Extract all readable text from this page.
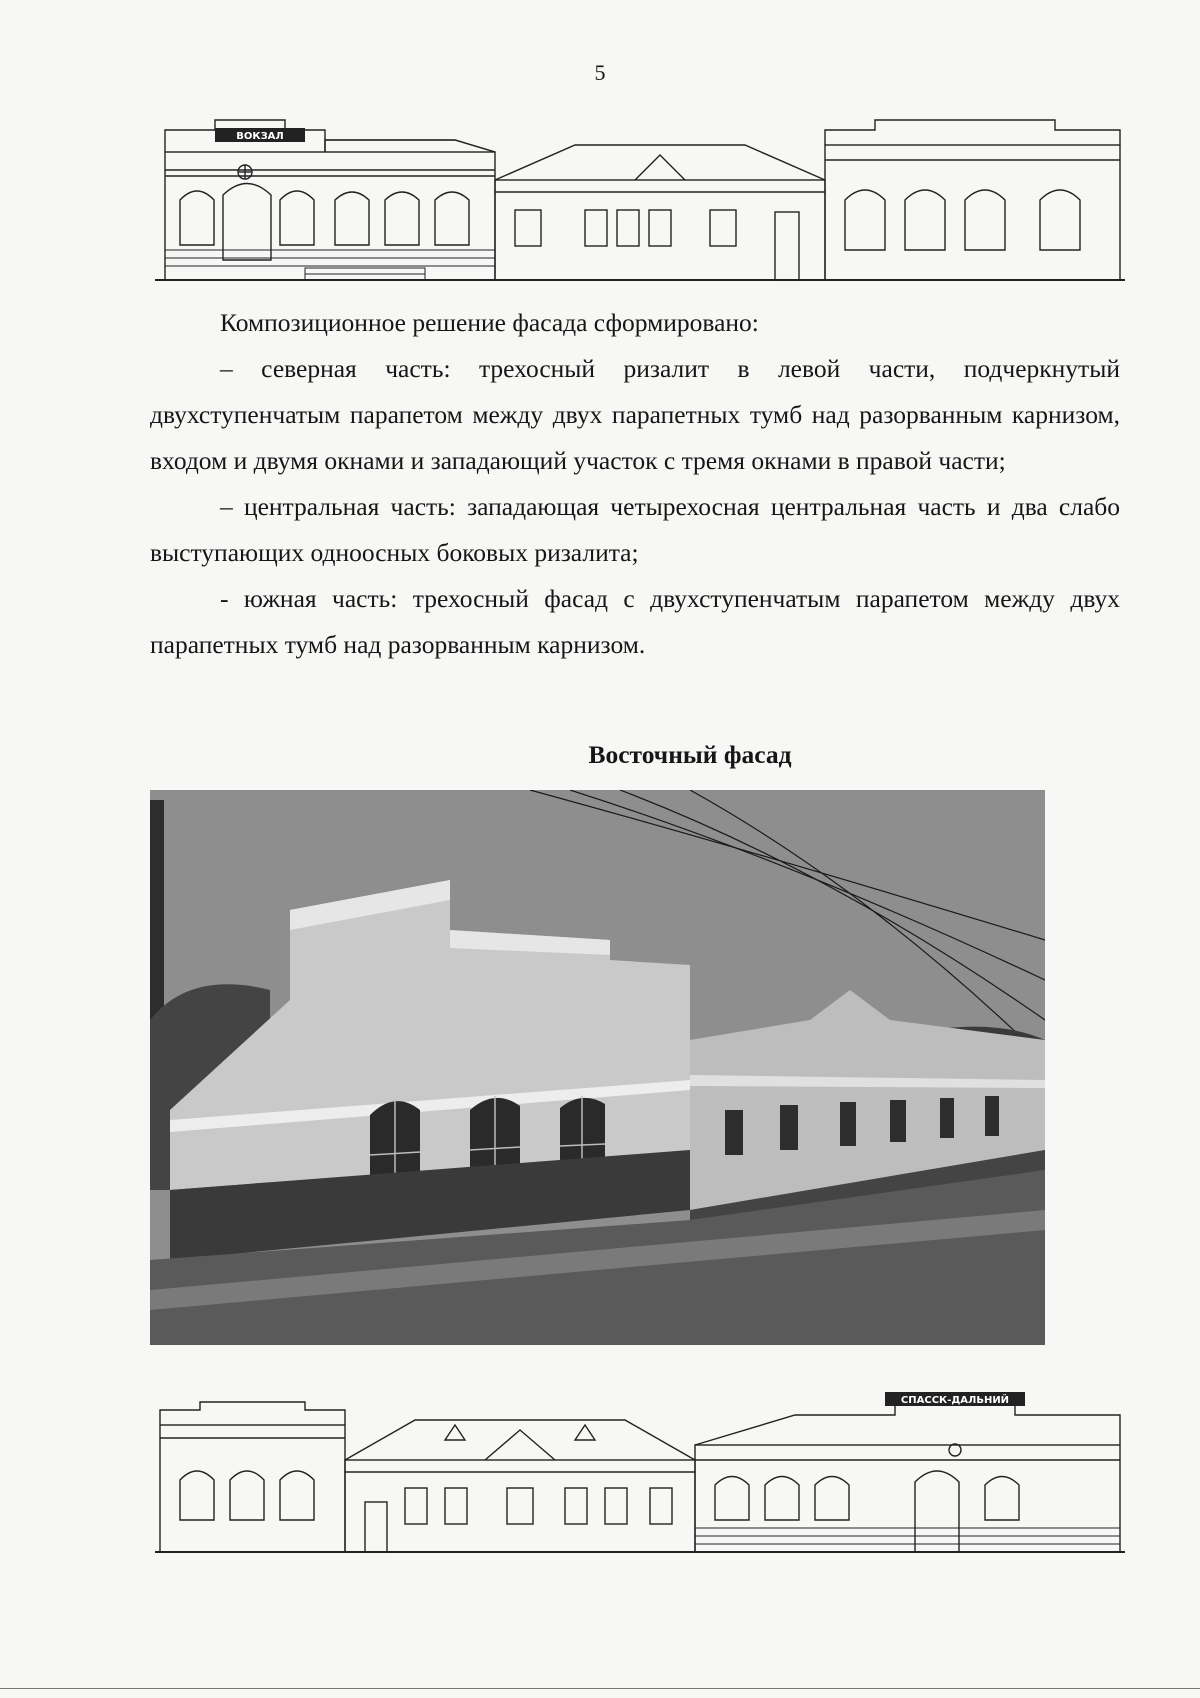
5
ВОКЗАЛ

Композиционное решение фасада сформировано:

– северная часть: трехосный ризалит в левой части, подчеркнутый двухступенчатым парапетом между двух парапетных тумб над разорванным карнизом, входом и двумя окнами и западающий участок с тремя окнами в правой части;

– центральная часть: западающая четырехосная центральная часть и два слабо выступающих одноосных боковых ризалита;

- южная часть: трехосный фасад с двухступенчатым парапетом между двух парапетных тумб над разорванным карнизом.

Восточный фасад
СПАССК-ДАЛЬНИЙ
